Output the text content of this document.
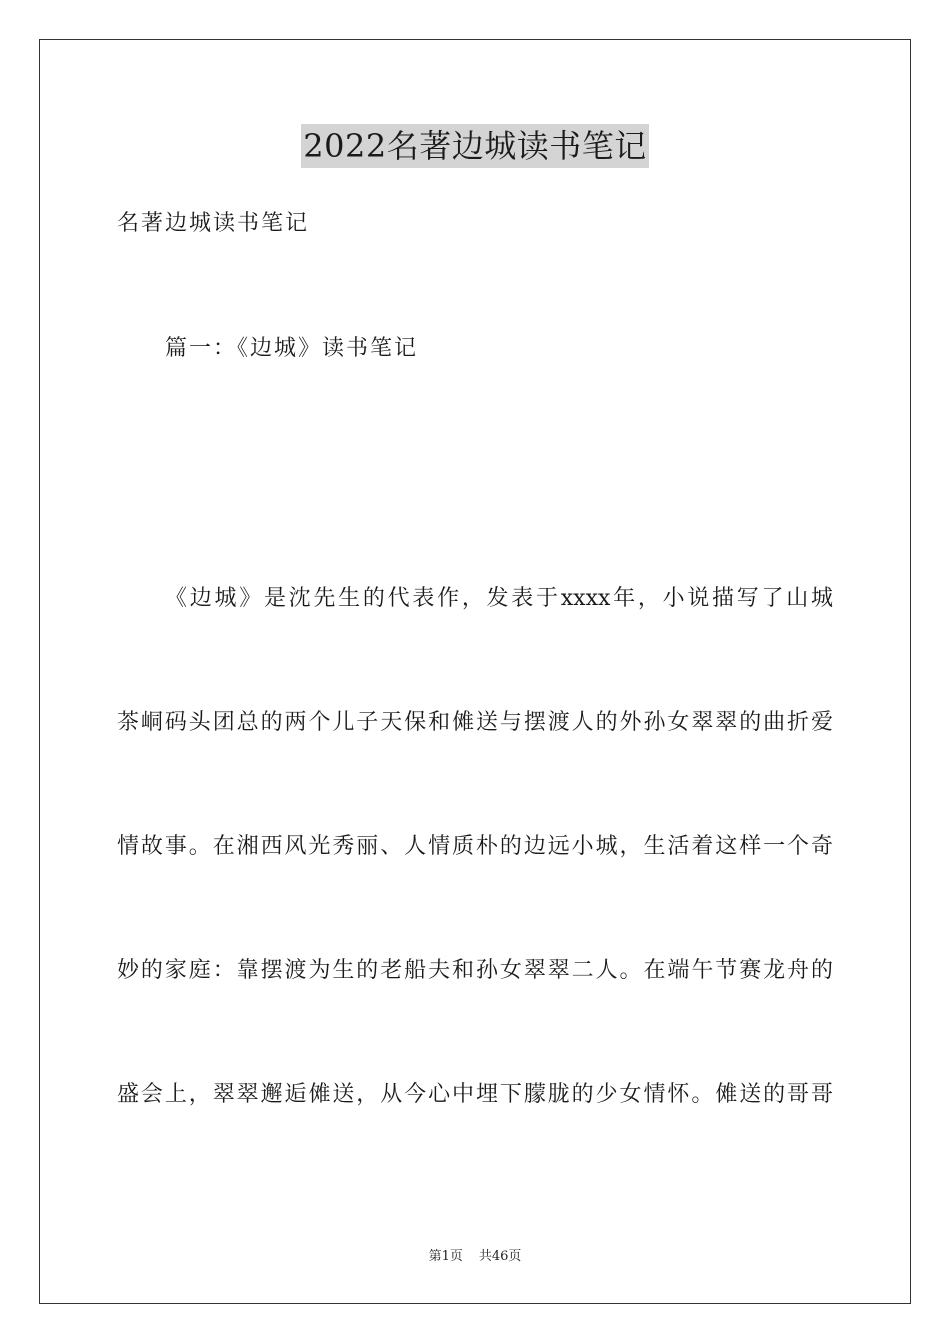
2022名著边城读书笔记

名著边城读书笔记

篇一：《边城》读书笔记

《边城》是沈先生的代表作，发表于xxxx年，小说描写了山城

茶峒码头团总的两个儿子天保和傩送与摆渡人的外孙女翠翠的曲折爱

情故事。在湘西风光秀丽、人情质朴的边远小城，生活着这样一个奇

妙的家庭：靠摆渡为生的老船夫和孙女翠翠二人。在端午节赛龙舟的

盛会上，翠翠邂逅傩送，从今心中埋下朦胧的少女情怀。傩送的哥哥

第1页 共46页
